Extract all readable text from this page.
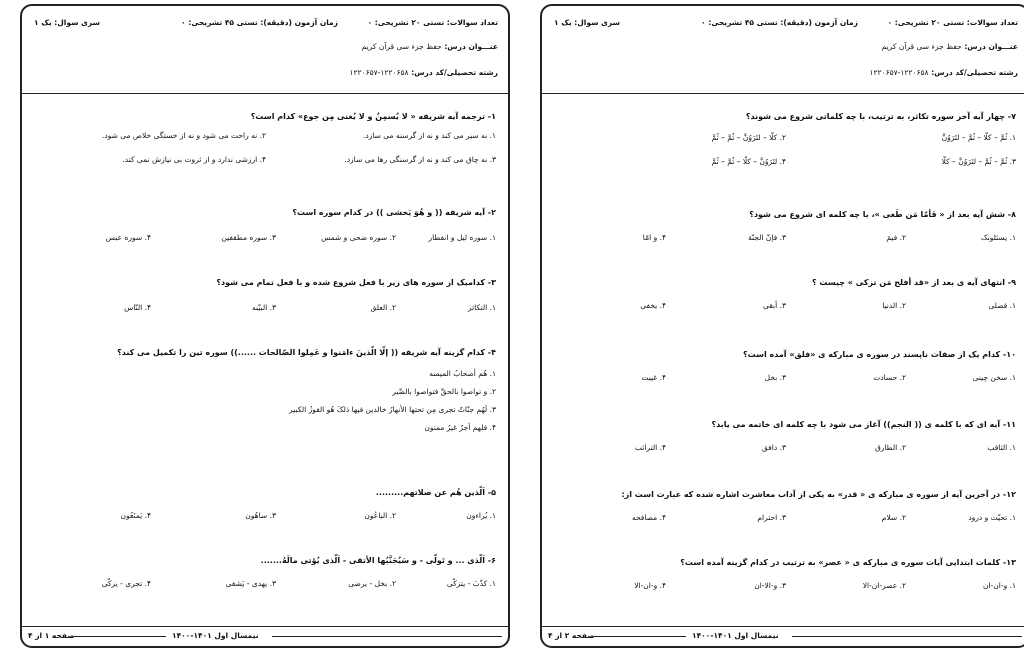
تعداد سوالات: تستی ۲۰ تشریحی: ۰
زمان آزمون (دقیقه): تستی ۴۵ تشریحی: ۰
سری سوال: یک ۱
عنـــوان درس: حفظ جزء سی قرآن کریم
رشته تحصیلی/کد درس: ۱۲۲۰۶۵۸-۱۲۲۰۶۵۷
۱- ترجمه آیه شریفه « لا یُسمِنُ و لا یُغنی مِن جوع» کدام است؟
۱. نه سیر می کند و نه از گرسنه می سازد.
۲. نه راحت می شود و نه از خستگی خلاص می شود.
۳. نه چاق می کند و نه از گرسنگی رها می سازد.
۴. ارزشی ندارد و از ثروت بی نیازش نمی کند.
۲- آیه شریفه (( و هُوَ یَخشی )) در کدام سوره است؟
۱. سوره لیل و انفطار
۲. سوره ضحی و شمس
۳. سوره مطففین
۴. سوره عبس
۳- کدامیک از سوره های زیر با فعل شروع شده و با فعل تمام می شود؟
۱. التکاثر
۲. العلق
۳. البیّنه
۴. النّاس
۴- کدام گزینه آیه شریفه (( إلّا الّذینَ ءامَنوا و عَمِلوا الصّالحات ......)) سوره تین را تکمیل می کند؟
۱. هُم أصحابُ المیمنه
۲. و تواصوا بالحقِّ فتواصوا بالصَّبر
۳. لَهُم جنّاتٌ تجری مِن تحتها الأنهارُ خالدین فیها ذلکَ هُو الفوزُ الکبیر
۴. فلهم أجرٌ غیرُ ممنون
۵- اَلّذین هُم عن صلاتهم.........
۱. یُراءون
۲. الباعُون
۳. ساهُون
۴. یَمنَعُون
۶- اَلّذی ... و تَولّی - و سَیُجَنَّبُها الأتقی - اَلّذی یُؤتی مالَهُ.......
۱. کذّبَ - یتزکّی
۲. بخل - یرضی
۳. یهدی - یَشقی
۴. تجری - یزکّی
صفحه ۱ از ۴	نیمسال اول ۱۴۰۱-۱۴۰۰
تعداد سوالات: تستی ۲۰ تشریحی: ۰
زمان آزمون (دقیقه): تستی ۴۵ تشریحی: ۰
سری سوال: یک ۱
عنـــوان درس: حفظ جزء سی قرآن کریم
رشته تحصیلی/کد درس: ۱۲۲۰۶۵۸-۱۲۲۰۶۵۷
۷- چهار آیه آخر سوره تکاثر، به ترتیب، با چه کلماتی شروع می شوند؟
۱. ثُمَّ – کلّا – ثُمَّ – لتَرَوُنَّ
۲. کلّا – لتَرَوُنَّ – ثُمَّ – ثُمَّ
۳. ثُمَّ – ثُمَّ – لتَرَوُنَّ – کلّا
۴. لتَرَوُنَّ – کلّا – ثُمَّ – ثُمَّ
۸- شش آیه بعد از « فَأمّا مَن طَغی »، با چه کلمه ای شروع می شود؟
۱. یسئلونک
۲. فیمَ
۳. فإنّ الجنّة
۴. و امّا
۹- انتهای آیه ی بعد از «قد أفلح مَن تزکی » چیست ؟
۱. فصلی
۲. الدنیا
۳. أبقی
۴. یخفی
۱۰- کدام یک از صفات ناپسند در سوره ی مبارکه ی «فلق» آمده است؟
۱. سخن چینی
۲. حسادت
۳. بخل
۴. غیبت
۱۱- آیه ای که با کلمه ی (( النجم)) آغاز می شود با چه کلمه ای خاتمه می یابد؟
۱. الثاقب
۲. الطارق
۳. دافق
۴. الترائب
۱۲- در آخرین آیه از سوره ی مبارکه ی « قدر» به یکی از آداب معاشرت اشاره شده که عبارت است از:
۱. تحیّت و درود
۲. سلام
۳. احترام
۴. مصافحه
۱۳- کلمات ابتدایی آیات سوره ی مبارکه ی « عصر» به ترتیب در کدام گزینه آمده است؟
۱. و-ان-ان
۲. عصر-ان-الا
۳. و-الا-ان
۴. و-ان-الا
صفحه ۲ از ۴	نیمسال اول ۱۴۰۱-۱۴۰۰
